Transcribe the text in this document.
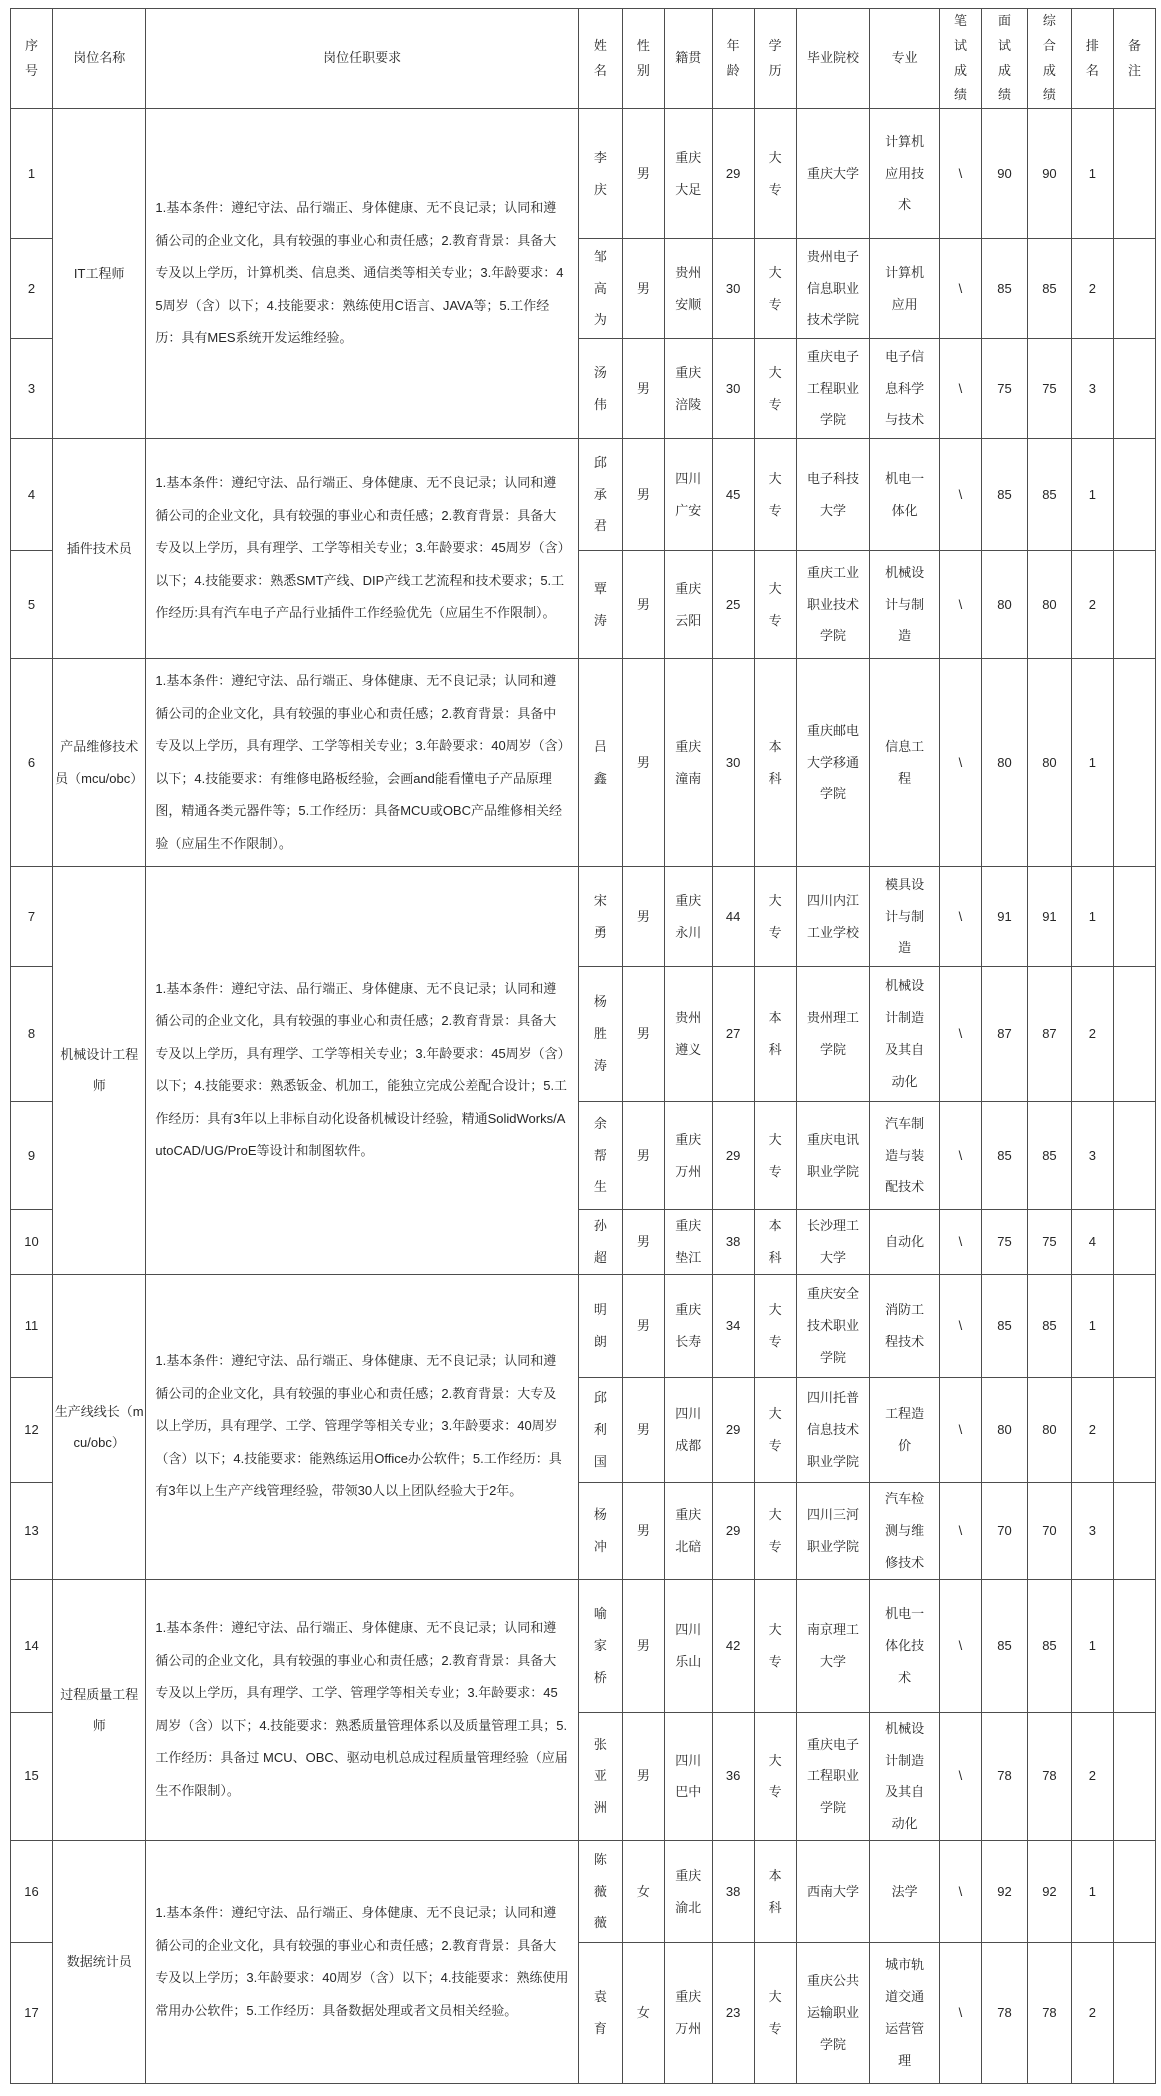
序号	岗位名称	岗位任职要求	姓名	性别	籍贯	年龄	学历	毕业院校	专业	笔试成绩	面试成绩	综合成绩	排名	备注
1	IT工程师	1.基本条件：遵纪守法、品行端正、身体健康、无不良记录；认同和遵循公司的企业文化，具有较强的事业心和责任感；2.教育背景：具备大专及以上学历，计算机类、信息类、通信类等相关专业；3.年龄要求：45周岁（含）以下；4.技能要求：熟练使用C语言、JAVA等；5.工作经历：具有MES系统开发运维经验。	李庆	男	重庆大足	29	大专	重庆大学	计算机应用技术	\	90	90	1	
2			邹高为	男	贵州安顺	30	大专	贵州电子信息职业技术学院	计算机应用	\	85	85	2	
3			汤伟	男	重庆涪陵	30	大专	重庆电子工程职业学院	电子信息科学与技术	\	75	75	3	
4	插件技术员	1.基本条件：遵纪守法、品行端正、身体健康、无不良记录；认同和遵循公司的企业文化，具有较强的事业心和责任感；2.教育背景：具备大专及以上学历，具有理学、工学等相关专业；3.年龄要求：45周岁（含）以下；4.技能要求：熟悉SMT产线、DIP产线工艺流程和技术要求；5.工作经历:具有汽车电子产品行业插件工作经验优先（应届生不作限制）。	邱承君	男	四川广安	45	大专	电子科技大学	机电一体化	\	85	85	1	
5			覃涛	男	重庆云阳	25	大专	重庆工业职业技术学院	机械设计与制造	\	80	80	2	
6	产品维修技术员（mcu/obc）	1.基本条件：遵纪守法、品行端正、身体健康、无不良记录；认同和遵循公司的企业文化，具有较强的事业心和责任感；2.教育背景：具备中专及以上学历，具有理学、工学等相关专业；3.年龄要求：40周岁（含）以下；4.技能要求：有维修电路板经验，会画and能看懂电子产品原理图，精通各类元器件等；5.工作经历：具备MCU或OBC产品维修相关经验（应届生不作限制）。	吕鑫	男	重庆潼南	30	本科	重庆邮电大学移通学院	信息工程	\	80	80	1	
7	机械设计工程师	1.基本条件：遵纪守法、品行端正、身体健康、无不良记录；认同和遵循公司的企业文化，具有较强的事业心和责任感；2.教育背景：具备大专及以上学历，具有理学、工学等相关专业；3.年龄要求：45周岁（含）以下；4.技能要求：熟悉钣金、机加工，能独立完成公差配合设计；5.工作经历：具有3年以上非标自动化设备机械设计经验，精通SolidWorks/AutoCAD/UG/ProE等设计和制图软件。	宋勇	男	重庆永川	44	大专	四川内江工业学校	模具设计与制造	\	91	91	1	
8			杨胜涛	男	贵州遵义	27	本科	贵州理工学院	机械设计制造及其自动化	\	87	87	2	
9			余帮生	男	重庆万州	29	大专	重庆电讯职业学院	汽车制造与装配技术	\	85	85	3	
10			孙超	男	重庆垫江	38	本科	长沙理工大学	自动化	\	75	75	4	
11	生产线线长（mcu/obc）	1.基本条件：遵纪守法、品行端正、身体健康、无不良记录；认同和遵循公司的企业文化，具有较强的事业心和责任感；2.教育背景：大专及以上学历，具有理学、工学、管理学等相关专业；3.年龄要求：40周岁（含）以下；4.技能要求：能熟练运用Office办公软件；5.工作经历：具有3年以上生产产线管理经验，带领30人以上团队经验大于2年。	明朗	男	重庆长寿	34	大专	重庆安全技术职业学院	消防工程技术	\	85	85	1	
12			邱利国	男	四川成都	29	大专	四川托普信息技术职业学院	工程造价	\	80	80	2	
13			杨冲	男	重庆北碚	29	大专	四川三河职业学院	汽车检测与维修技术	\	70	70	3	
14	过程质量工程师	1.基本条件：遵纪守法、品行端正、身体健康、无不良记录；认同和遵循公司的企业文化，具有较强的事业心和责任感；2.教育背景：具备大专及以上学历，具有理学、工学、管理学等相关专业；3.年龄要求：45周岁（含）以下；4.技能要求：熟悉质量管理体系以及质量管理工具；5.工作经历：具备过 MCU、OBC、驱动电机总成过程质量管理经验（应届生不作限制）。	喻家桥	男	四川乐山	42	大专	南京理工大学	机电一体化技术	\	85	85	1	
15			张亚洲	男	四川巴中	36	大专	重庆电子工程职业学院	机械设计制造及其自动化	\	78	78	2	
16	数据统计员	1.基本条件：遵纪守法、品行端正、身体健康、无不良记录；认同和遵循公司的企业文化，具有较强的事业心和责任感；2.教育背景：具备大专及以上学历；3.年龄要求：40周岁（含）以下；4.技能要求：熟练使用常用办公软件；5.工作经历：具备数据处理或者文员相关经验。	陈薇薇	女	重庆渝北	38	本科	西南大学	法学	\	92	92	1	
17			袁育	女	重庆万州	23	大专	重庆公共运输职业学院	城市轨道交通运营管理	\	78	78	2	
